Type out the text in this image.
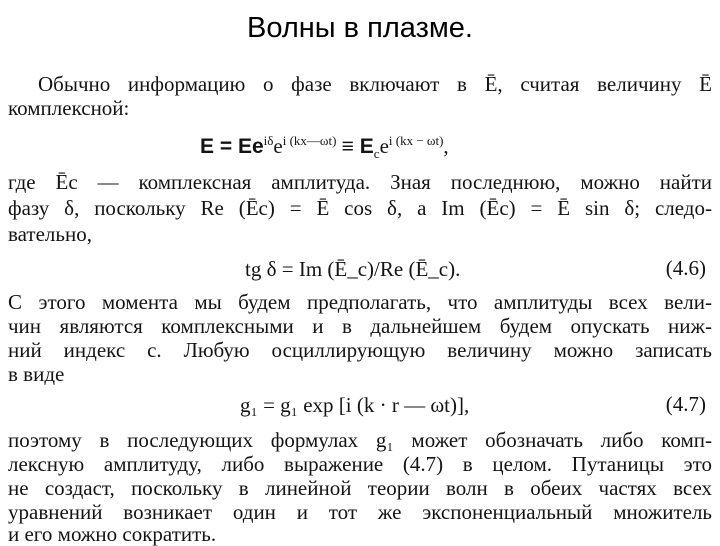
Волны в плазме.
Обычно информацию о фазе включают в Ē, считая величину Ē
комплексной:
$E = Ee^{i\delta}e^{i (kx—\omega t)} \equiv E_ce^{i (kx - \omega t)}$,
где Ēс — комплексная амплитуда. Зная последнюю, можно найти
фазу δ, поскольку Re (Ēc) = Ē cos δ, а Im (Ēc) = Ē sin δ; следо-
вательно,
tg δ = Im (Ē_c)/Re (Ē_c).	(4.6)
С этого момента мы будем предполагать, что амплитуды всех вели-
чин являются комплексными и в дальнейшем будем опускать ниж-
ний индекс c. Любую осциллирующую величину можно записать
в виде
g₁ = g₁ exp [i (k · r — ωt)],	(4.7)
поэтому в последующих формулах g₁ может обозначать либо комп-
лексную амплитуду, либо выражение (4.7) в целом. Путаницы это
не создаст, поскольку в линейной теории волн в обеих частях всех
уравнений возникает один и тот же экспоненциальный множитель
и его можно сократить.
